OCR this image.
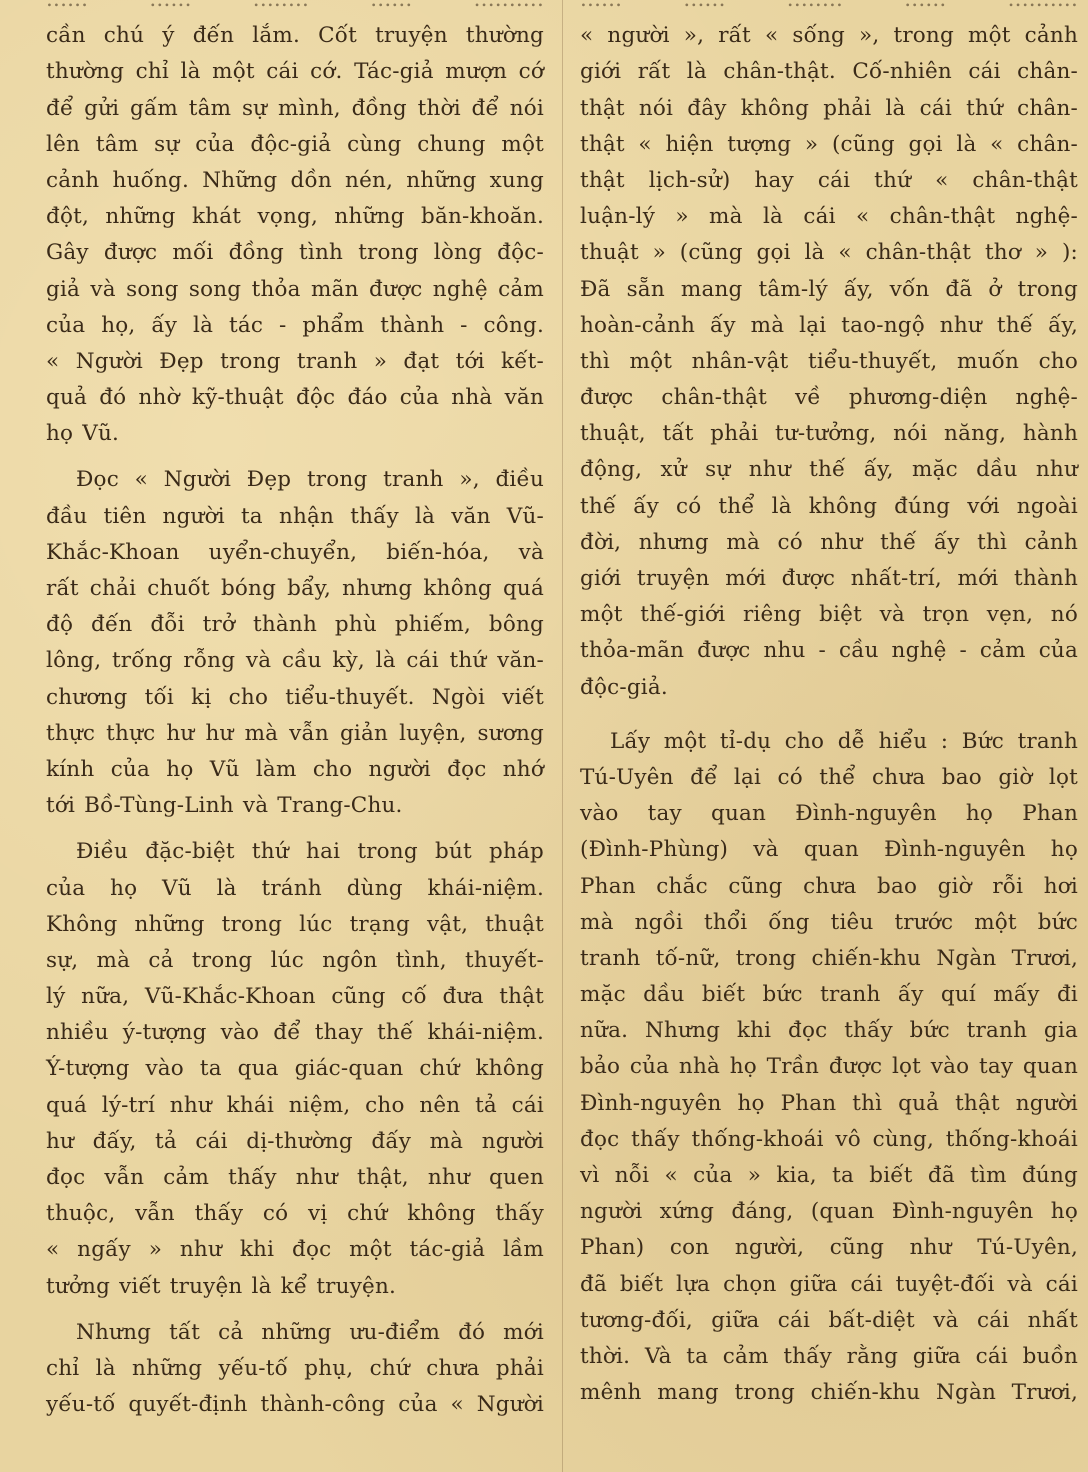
cần chú ý đến lắm. Cốt truyện thường
thường chỉ là một cái cớ. Tác-giả mượn cớ
để gửi gấm tâm sự mình, đồng thời để nói
lên tâm sự của độc-giả cùng chung một
cảnh huống. Những dồn nén, những xung
đột, những khát vọng, những băn-khoăn.
Gây được mối đồng tình trong lòng độc-
giả và song song thỏa mãn được nghệ cảm
của họ, ấy là tác - phẩm thành - công.
« Người Đẹp trong tranh » đạt tới kết-
quả đó nhờ kỹ-thuật độc đáo của nhà văn
họ Vũ.
Đọc « Người Đẹp trong tranh », điều
đầu tiên người ta nhận thấy là văn Vũ-
Khắc-Khoan uyển-chuyển, biến-hóa, và
rất chải chuốt bóng bẩy, nhưng không quá
độ đến đỗi trở thành phù phiếm, bông
lông, trống rỗng và cầu kỳ, là cái thứ văn-
chương tối kị cho tiểu-thuyết. Ngòi viết
thực thực hư hư mà vẫn giản luyện, sương
kính của họ Vũ làm cho người đọc nhớ
tới Bồ-Tùng-Linh và Trang-Chu.
Điều đặc-biệt thứ hai trong bút pháp
của họ Vũ là tránh dùng khái-niệm.
Không những trong lúc trạng vật, thuật
sự, mà cả trong lúc ngôn tình, thuyết-
lý nữa, Vũ-Khắc-Khoan cũng cố đưa thật
nhiều ý-tượng vào để thay thế khái-niệm.
Ý-tượng vào ta qua giác-quan chứ không
quá lý-trí như khái niệm, cho nên tả cái
hư đấy, tả cái dị-thường đấy mà người
đọc vẫn cảm thấy như thật, như quen
thuộc, vẫn thấy có vị chứ không thấy
« ngấy » như khi đọc một tác-giả lầm
tưởng viết truyện là kể truyện.
Nhưng tất cả những ưu-điểm đó mới
chỉ là những yếu-tố phụ, chứ chưa phải
yếu-tố quyết-định thành-công của « Người
« người », rất « sống », trong một cảnh
giới rất là chân-thật. Cố-nhiên cái chân-
thật nói đây không phải là cái thứ chân-
thật « hiện tượng » (cũng gọi là « chân-
thật lịch-sử) hay cái thứ « chân-thật
luận-lý » mà là cái « chân-thật nghệ-
thuật » (cũng gọi là « chân-thật thơ » ):
Đã sẵn mang tâm-lý ấy, vốn đã ở trong
hoàn-cảnh ấy mà lại tao-ngộ như thế ấy,
thì một nhân-vật tiểu-thuyết, muốn cho
được chân-thật về phương-diện nghệ-
thuật, tất phải tư-tưởng, nói năng, hành
động, xử sự như thế ấy, mặc dầu như
thế ấy có thể là không đúng với ngoài
đời, nhưng mà có như thế ấy thì cảnh
giới truyện mới được nhất-trí, mới thành
một thế-giới riêng biệt và trọn vẹn, nó
thỏa-mãn được nhu - cầu nghệ - cảm của
độc-giả.
Lấy một tỉ-dụ cho dễ hiểu : Bức tranh
Tú-Uyên để lại có thể chưa bao giờ lọt
vào tay quan Đình-nguyên họ Phan
(Đình-Phùng) và quan Đình-nguyên họ
Phan chắc cũng chưa bao giờ rỗi hơi
mà ngồi thổi ống tiêu trước một bức
tranh tố-nữ, trong chiến-khu Ngàn Trươi,
mặc dầu biết bức tranh ấy quí mấy đi
nữa. Nhưng khi đọc thấy bức tranh gia
bảo của nhà họ Trần được lọt vào tay quan
Đình-nguyên họ Phan thì quả thật người
đọc thấy thống-khoái vô cùng, thống-khoái
vì nỗi « của » kia, ta biết đã tìm đúng
người xứng đáng, (quan Đình-nguyên họ
Phan) con người, cũng như Tú-Uyên,
đã biết lựa chọn giữa cái tuyệt-đối và cái
tương-đối, giữa cái bất-diệt và cái nhất
thời. Và ta cảm thấy rằng giữa cái buồn
mênh mang trong chiến-khu Ngàn Trươi,
